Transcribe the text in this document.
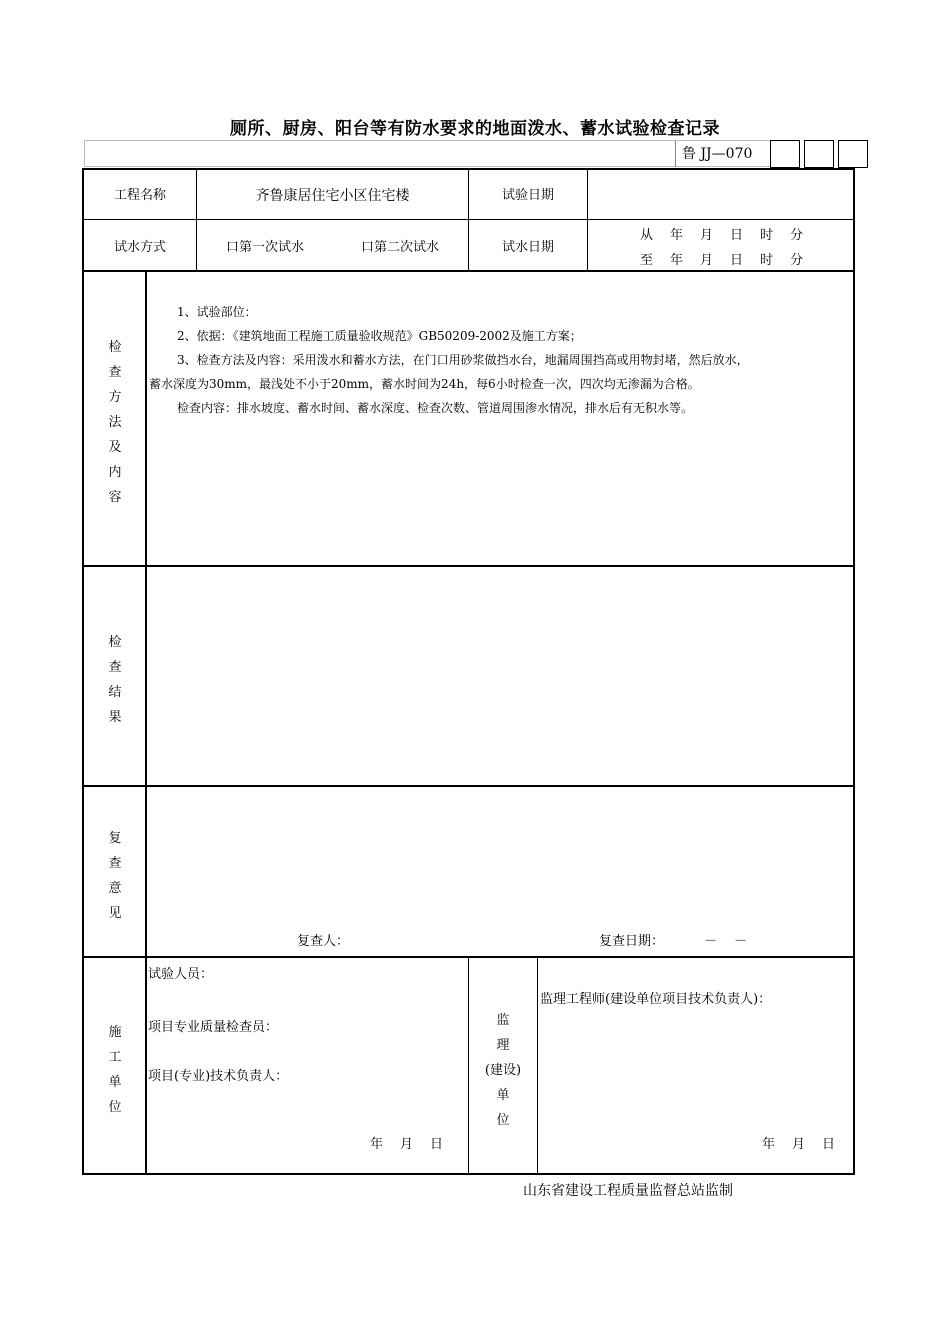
厕所、厨房、阳台等有防水要求的地面泼水、蓄水试验检查记录
鲁 JJ—070
工程名称	齐鲁康居住宅小区住宅楼	试验日期
试水方式	口第一次试水	口第二次试水	试水日期
从　年　月　日　时　分
至　年　月　日　时　分
检
查
方
法
及
内
容
1、试验部位：
2、依据：《建筑地面工程施工质量验收规范》GB50209-2002及施工方案；
3、检查方法及内容：采用泼水和蓄水方法，在门口用砂浆做挡水台，地漏周围挡高或用物封堵，然后放水，
蓄水深度为30mm，最浅处不小于20mm，蓄水时间为24h，每6小时检查一次，四次均无渗漏为合格。
检查内容：排水坡度、蓄水时间、蓄水深度、检查次数、管道周围渗水情况，排水后有无积水等。
检
查
结
果
复
查
意
见
复查人：	复查日期：	－　 －
施
工
单
位
试验人员：
项目专业质量检查员：
项目(专业)技术负责人：
年　月　日
监
理
(建设)
单
位
监理工程师(建设单位项目技术负责人)：
年　月　日
山东省建设工程质量监督总站监制
